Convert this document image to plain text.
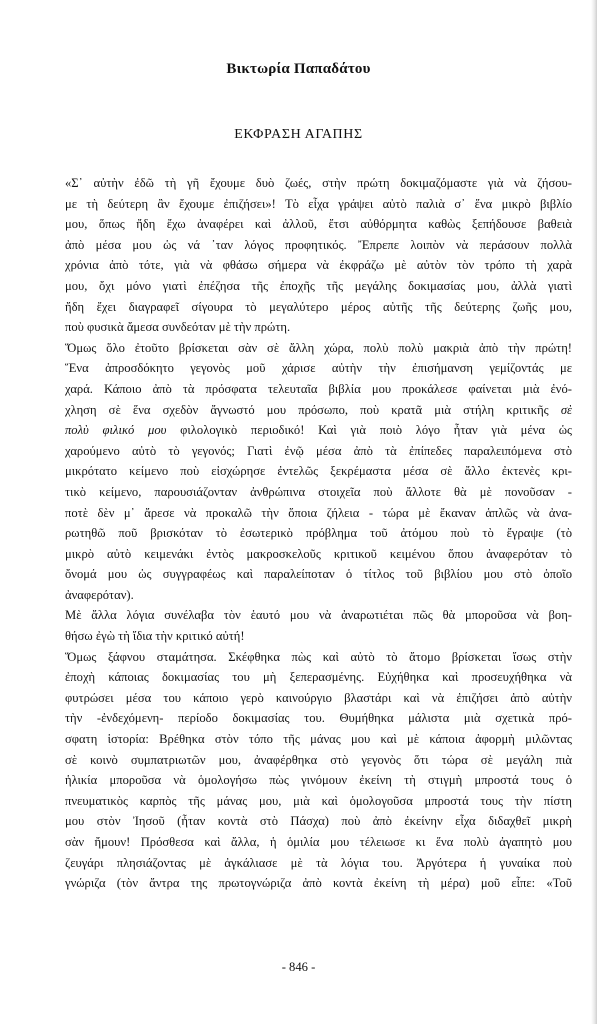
Βικτωρία Παπαδάτου
ΕΚΦΡΑΣΗ ΑΓΑΠΗΣ
«Σ᾿ αὐτὴν ἐδῶ τὴ γῆ ἔχουμε δυὸ ζωές, στὴν πρώτη δοκιμαζόμαστε γιὰ νὰ ζήσου-
με τὴ δεύτερη ἂν ἔχουμε ἐπιζήσει»! Τὸ εἶχα γράψει αὐτὸ παλιὰ σ᾿ ἕνα μικρὸ βιβλίο
μου, ὅπως ἤδη ἔχω ἀναφέρει καὶ ἀλλοῦ, ἔτσι αὐθόρμητα καθὼς ξεπήδουσε βαθειὰ
ἀπὸ μέσα μου ὡς νά ᾿ταν λόγος προφητικός. Ἔπρεπε λοιπὸν νὰ περάσουν πολλὰ
χρόνια ἀπὸ τότε, γιὰ νὰ φθάσω σήμερα νὰ ἐκφράζω μὲ αὐτὸν τὸν τρόπο τὴ χαρὰ
μου, ὄχι μόνο γιατὶ ἐπέζησα τῆς ἐποχῆς τῆς μεγάλης δοκιμασίας μου, ἀλλὰ γιατὶ
ἤδη ἔχει διαγραφεῖ σίγουρα τὸ μεγαλύτερο μέρος αὐτῆς τῆς δεύτερης ζωῆς μου,
ποὺ φυσικὰ ἄμεσα συνδεόταν μὲ τὴν πρώτη.
Ὅμως ὅλο ἐτοῦτο βρίσκεται σὰν σὲ ἄλλη χώρα, πολὺ πολὺ μακριὰ ἀπὸ τὴν πρώτη!
Ἕνα ἀπροσδόκητο γεγονὸς μοῦ χάρισε αὐτὴν τὴν ἐπισήμανση γεμίζοντάς με
χαρά. Κάποιο ἀπὸ τὰ πρόσφατα τελευταῖα βιβλία μου προκάλεσε φαίνεται μιὰ ἐνό-
χληση σὲ ἕνα σχεδὸν ἄγνωστό μου πρόσωπο, ποὺ κρατᾶ μιὰ στήλη κριτικῆς σὲ
πολὺ φιλικό μου φιλολογικὸ περιοδικό! Καὶ γιὰ ποιὸ λόγο ἦταν γιὰ μένα ὡς
χαρούμενο αὐτὸ τὸ γεγονός; Γιατὶ ἐνῷ μέσα ἀπὸ τὰ ἐπίπεδες παραλειπόμενα στὸ
μικρότατο κείμενο ποὺ εἰσχώρησε ἐντελῶς ξεκρέμαστα μέσα σὲ ἄλλο ἐκτενὲς κρι-
τικὸ κείμενο, παρουσιάζονταν ἀνθρώπινα στοιχεῖα ποὺ ἄλλοτε θὰ μὲ πονοῦσαν -
ποτὲ δὲν μ᾿ ἄρεσε νὰ προκαλῶ τὴν ὅποια ζήλεια - τώρα μὲ ἔκαναν ἁπλῶς νὰ ἀνα-
ρωτηθῶ ποῦ βρισκόταν τὸ ἐσωτερικὸ πρόβλημα τοῦ ἀτόμου ποὺ τὸ ἔγραψε (τὸ
μικρὸ αὐτὸ κειμενάκι ἐντὸς μακροσκελοῦς κριτικοῦ κειμένου ὅπου ἀναφερόταν τὸ
ὄνομά μου ὡς συγγραφέως καὶ παραλείποταν ὁ τίτλος τοῦ βιβλίου μου στὸ ὁποῖο
ἀναφερόταν).
Μὲ ἄλλα λόγια συνέλαβα τὸν ἑαυτό μου νὰ ἀναρωτιέται πῶς θὰ μποροῦσα νὰ βοη-
θήσω ἐγὼ τὴ ἴδια τὴν κριτικό αὐτή!
Ὅμως ξάφνου σταμάτησα. Σκέφθηκα πὼς καὶ αὐτὸ τὸ ἄτομο βρίσκεται ἴσως στὴν
ἐποχὴ κάποιας δοκιμασίας του μὴ ξεπερασμένης. Εὐχήθηκα καὶ προσευχήθηκα νὰ
φυτρώσει μέσα του κάποιο γερὸ καινούργιο βλαστάρι καὶ νὰ ἐπιζήσει ἀπὸ αὐτὴν
τὴν -ἐνδεχόμενη- περίοδο δοκιμασίας του. Θυμήθηκα μάλιστα μιὰ σχετικὰ πρό-
σφατη ἱστορία: Βρέθηκα στὸν τόπο τῆς μάνας μου καὶ μὲ κάποια ἀφορμὴ μιλῶντας
σὲ κοινὸ συμπατριωτῶν μου, ἀναφέρθηκα στὸ γεγονὸς ὅτι τώρα σὲ μεγάλη πιὰ
ἡλικία μποροῦσα νὰ ὁμολογήσω πὼς γινόμουν ἐκείνη τὴ στιγμὴ μπροστά τους ὁ
πνευματικὸς καρπὸς τῆς μάνας μου, μιὰ καὶ ὁμολογοῦσα μπροστά τους τὴν πίστη
μου στὸν Ἰησοῦ (ἦταν κοντὰ στὸ Πάσχα) ποὺ ἀπὸ ἐκείνην εἶχα διδαχθεῖ μικρὴ
σὰν ἤμουν! Πρόσθεσα καὶ ἄλλα, ἡ ὁμιλία μου τέλειωσε κι ἕνα πολὺ ἀγαπητὸ μου
ζευγάρι πλησιάζοντας μὲ ἀγκάλιασε μὲ τὰ λόγια του. Ἀργότερα ἡ γυναίκα ποὺ
γνώριζα (τὸν ἄντρα της πρωτογνώριζα ἀπὸ κοντὰ ἐκείνη τὴ μέρα) μοῦ εἶπε: «Τοῦ
- 846 -
